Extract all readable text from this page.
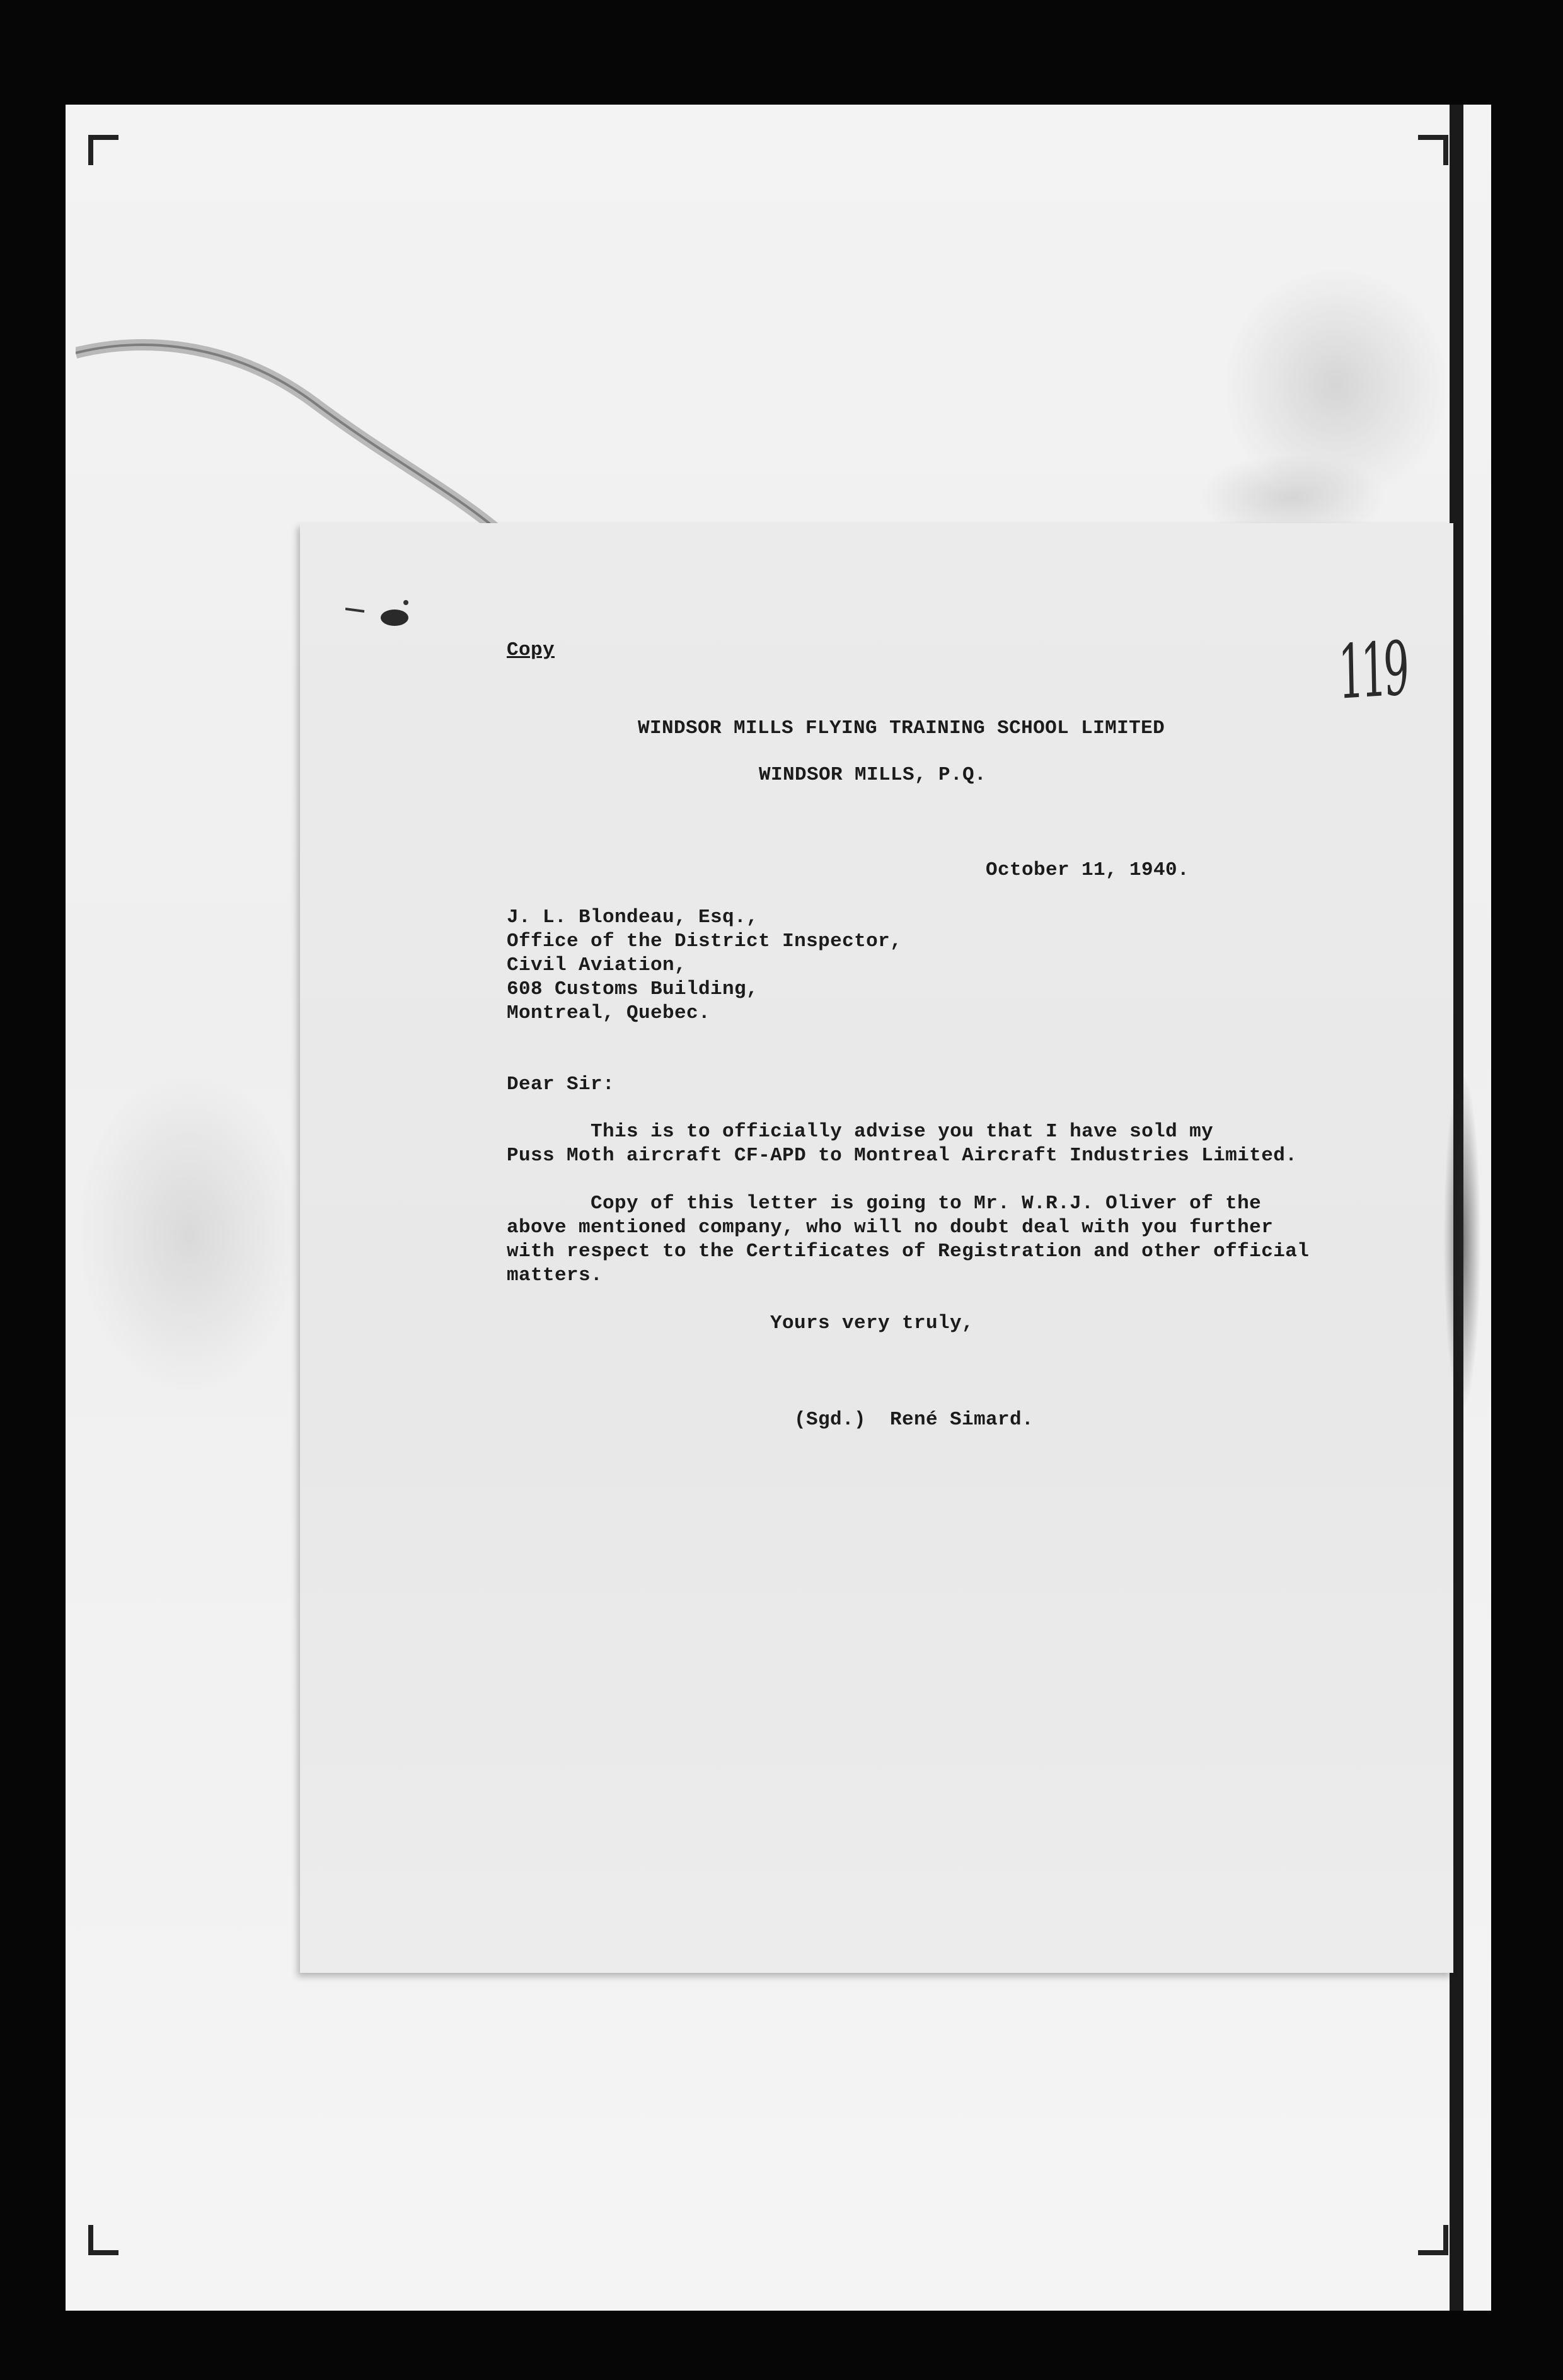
Copy	119
WINDSOR MILLS FLYING TRAINING SCHOOL LIMITED
WINDSOR MILLS, P.Q.
October 11, 1940.
J. L. Blondeau, Esq.,
Office of the District Inspector,
Civil Aviation,
608 Customs Building,
Montreal, Quebec.
Dear Sir:
This is to officially advise you that I have sold my
Puss Moth aircraft CF-APD to Montreal Aircraft Industries Limited.
Copy of this letter is going to Mr. W.R.J. Oliver of the
above mentioned company, who will no doubt deal with you further
with respect to the Certificates of Registration and other official
matters.
Yours very truly,
(Sgd.)  René Simard.
